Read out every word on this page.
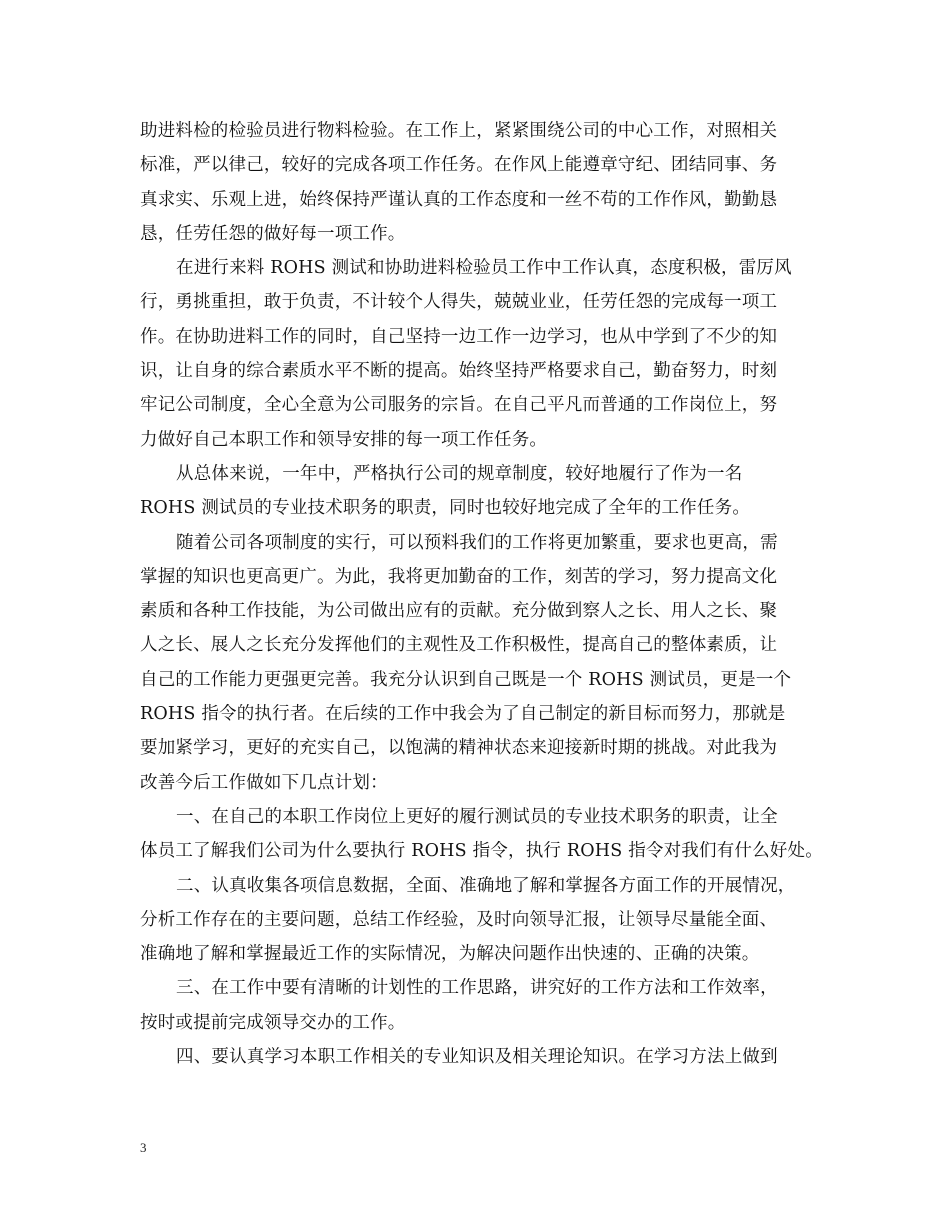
助进料检的检验员进行物料检验。在工作上，紧紧围绕公司的中心工作，对照相关
标准，严以律己，较好的完成各项工作任务。在作风上能遵章守纪、团结同事、务
真求实、乐观上进，始终保持严谨认真的工作态度和一丝不苟的工作作风，勤勤恳
恳，任劳任怨的做好每一项工作。
在进行来料 ROHS 测试和协助进料检验员工作中工作认真，态度积极，雷厉风
行，勇挑重担，敢于负责，不计较个人得失，兢兢业业，任劳任怨的完成每一项工
作。在协助进料工作的同时，自己坚持一边工作一边学习，也从中学到了不少的知
识，让自身的综合素质水平不断的提高。始终坚持严格要求自己，勤奋努力，时刻
牢记公司制度，全心全意为公司服务的宗旨。在自己平凡而普通的工作岗位上，努
力做好自己本职工作和领导安排的每一项工作任务。
从总体来说，一年中，严格执行公司的规章制度，较好地履行了作为一名
ROHS 测试员的专业技术职务的职责，同时也较好地完成了全年的工作任务。
随着公司各项制度的实行，可以预料我们的工作将更加繁重，要求也更高，需
掌握的知识也更高更广。为此，我将更加勤奋的工作，刻苦的学习，努力提高文化
素质和各种工作技能，为公司做出应有的贡献。充分做到察人之长、用人之长、聚
人之长、展人之长充分发挥他们的主观性及工作积极性，提高自己的整体素质，让
自己的工作能力更强更完善。我充分认识到自己既是一个 ROHS 测试员，更是一个
ROHS 指令的执行者。在后续的工作中我会为了自己制定的新目标而努力，那就是
要加紧学习，更好的充实自己，以饱满的精神状态来迎接新时期的挑战。对此我为
改善今后工作做如下几点计划：
一、在自己的本职工作岗位上更好的履行测试员的专业技术职务的职责，让全
体员工了解我们公司为什么要执行 ROHS 指令，执行 ROHS 指令对我们有什么好处。
二、认真收集各项信息数据，全面、准确地了解和掌握各方面工作的开展情况，
分析工作存在的主要问题，总结工作经验，及时向领导汇报，让领导尽量能全面、
准确地了解和掌握最近工作的实际情况，为解决问题作出快速的、正确的决策。
三、在工作中要有清晰的计划性的工作思路，讲究好的工作方法和工作效率，
按时或提前完成领导交办的工作。
四、要认真学习本职工作相关的专业知识及相关理论知识。在学习方法上做到
3
